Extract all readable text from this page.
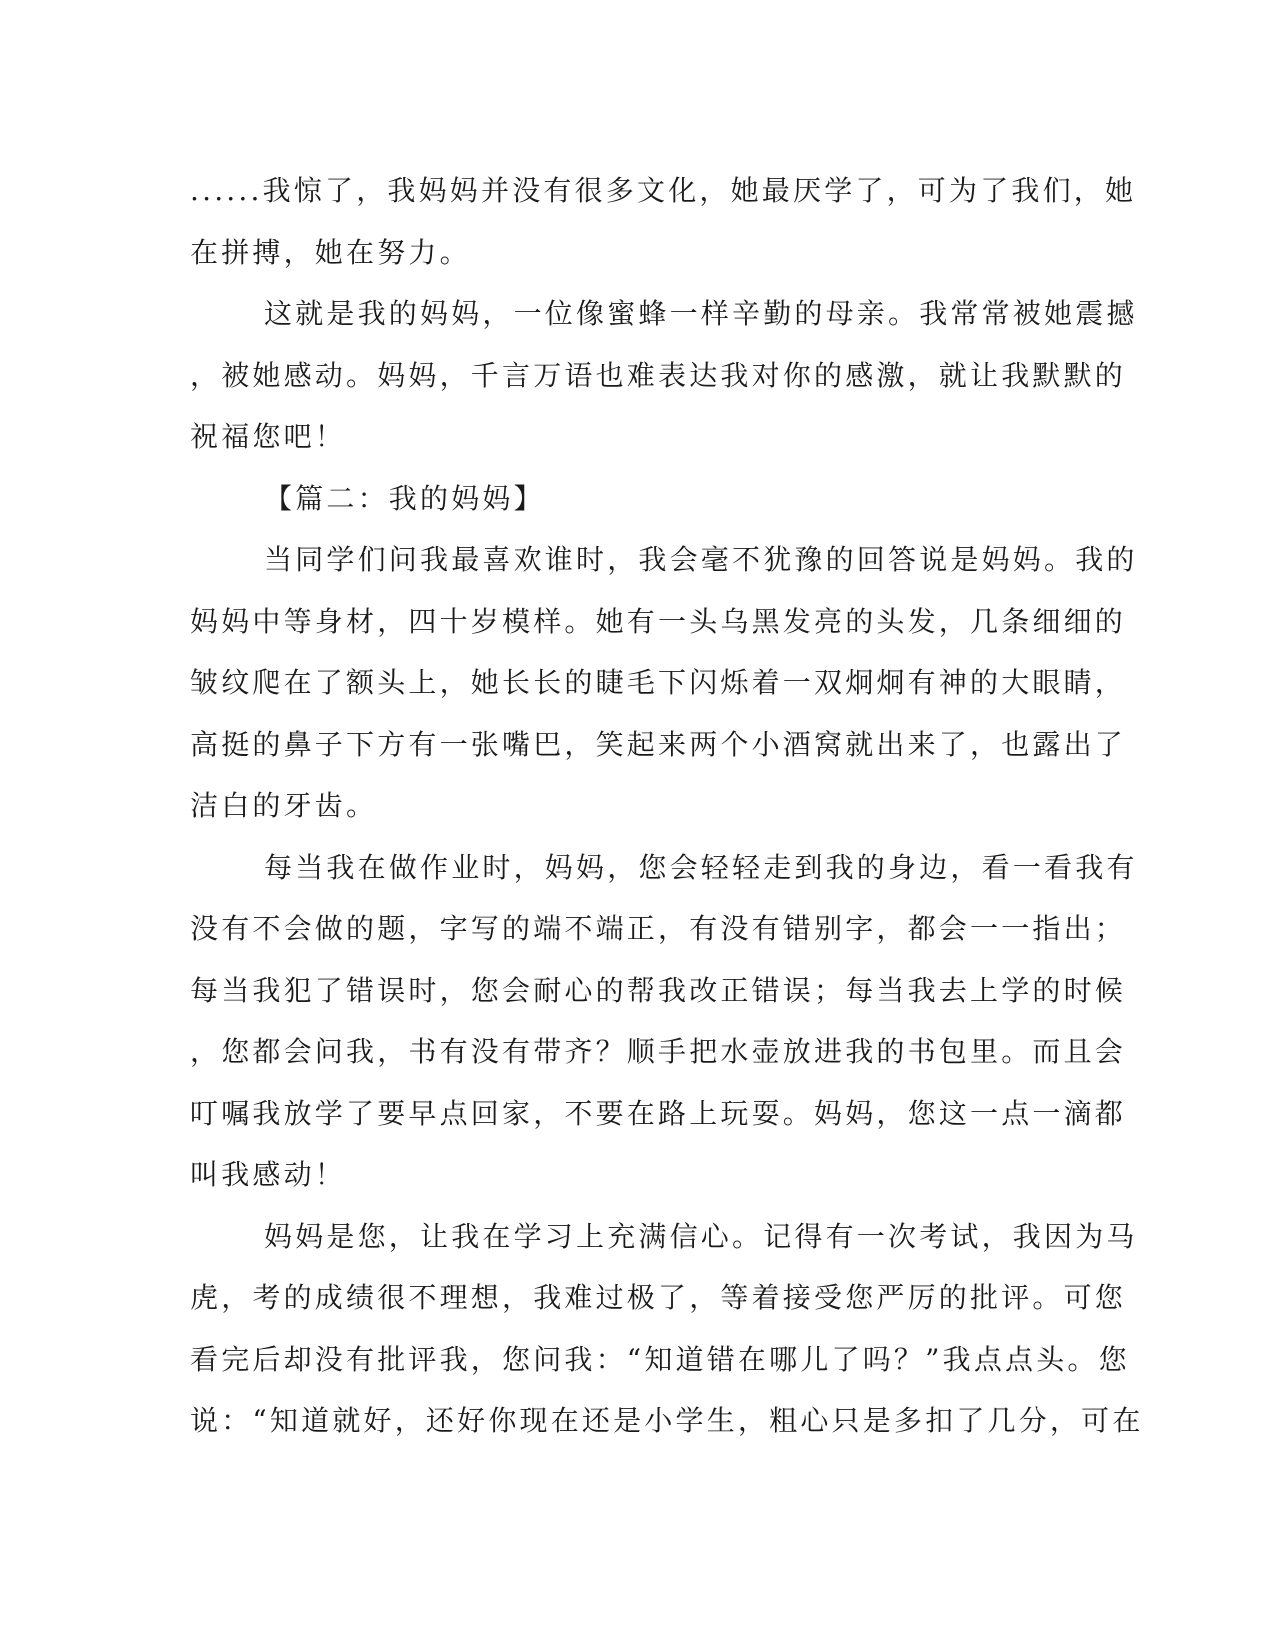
......我惊了，我妈妈并没有很多文化，她最厌学了，可为了我们，她
在拼搏，她在努力。
这就是我的妈妈，一位像蜜蜂一样辛勤的母亲。我常常被她震撼
，被她感动。妈妈，千言万语也难表达我对你的感激，就让我默默的
祝福您吧！
【篇二：我的妈妈】
当同学们问我最喜欢谁时，我会毫不犹豫的回答说是妈妈。我的
妈妈中等身材，四十岁模样。她有一头乌黑发亮的头发，几条细细的
皱纹爬在了额头上，她长长的睫毛下闪烁着一双炯炯有神的大眼睛，
高挺的鼻子下方有一张嘴巴，笑起来两个小酒窝就出来了，也露出了
洁白的牙齿。
每当我在做作业时，妈妈，您会轻轻走到我的身边，看一看我有
没有不会做的题，字写的端不端正，有没有错别字，都会一一指出；
每当我犯了错误时，您会耐心的帮我改正错误；每当我去上学的时候
，您都会问我，书有没有带齐？顺手把水壶放进我的书包里。而且会
叮嘱我放学了要早点回家，不要在路上玩耍。妈妈，您这一点一滴都
叫我感动！
妈妈是您，让我在学习上充满信心。记得有一次考试，我因为马
虎，考的成绩很不理想，我难过极了，等着接受您严厉的批评。可您
看完后却没有批评我，您问我：“知道错在哪儿了吗？”我点点头。您
说：“知道就好，还好你现在还是小学生，粗心只是多扣了几分，可在
